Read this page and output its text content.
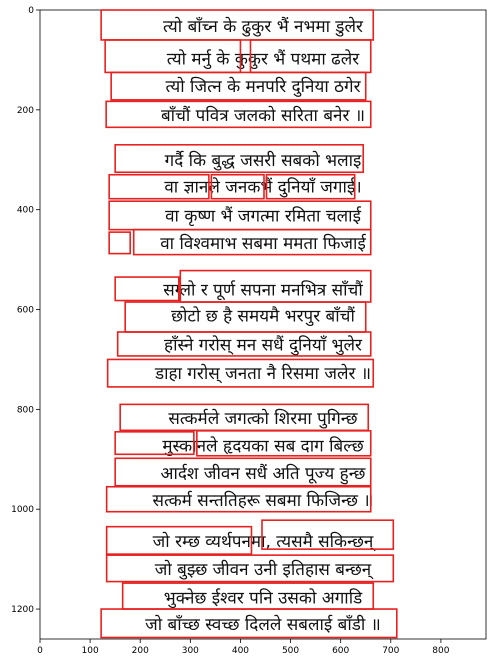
त्यो बाँच्न के ढुकुर भैं नभमा डुलेर
त्यो मर्नु के कुकुर भैं पथमा ढलेर
त्यो जित्न के मनपरि दुनिया ठगेर
बाँचौं पवित्र जलको सरिता बनेर ॥
गर्दै कि बुद्ध जसरी सबको भलाइ
वा ज्ञानले जनकभैं दुनियाँ जगाई।
वा कृष्ण भैं जगत्मा रमिता चलाई
वा विश्वमाभ सबमा ममता फिजाई
सग्लो र पूर्ण सपना मनभित्र साँचौं
छोटो छ है समयमै भरपुर बाँचौं
हाँस्ने गरोस् मन सधैं दुनियाँ भुलेर
डाहा गरोस् जनता नै रिसमा जलेर ॥
सत्कर्मले जगत्को शिरमा पुगिन्छ
मुस्कानले हृदयका सब दाग बिल्छ
आर्दश जीवन सधैं अति पूज्य हुन्छ
सत्कर्म सन्ततिहरू सबमा फिजिन्छ ॥
जो रम्छ व्यर्थपनमा, त्यसमै सकिन्छन्
जो बुझ्छ जीवन उनी इतिहास बन्छन्
भुक्नेछ ईश्वर पनि उसको अगाडि
जो बाँच्छ स्वच्छ दिलले सबलाई बाँडी ॥
0	100	200	300	400	500	600	700	800
0
200
400
600
800
1000
1200
